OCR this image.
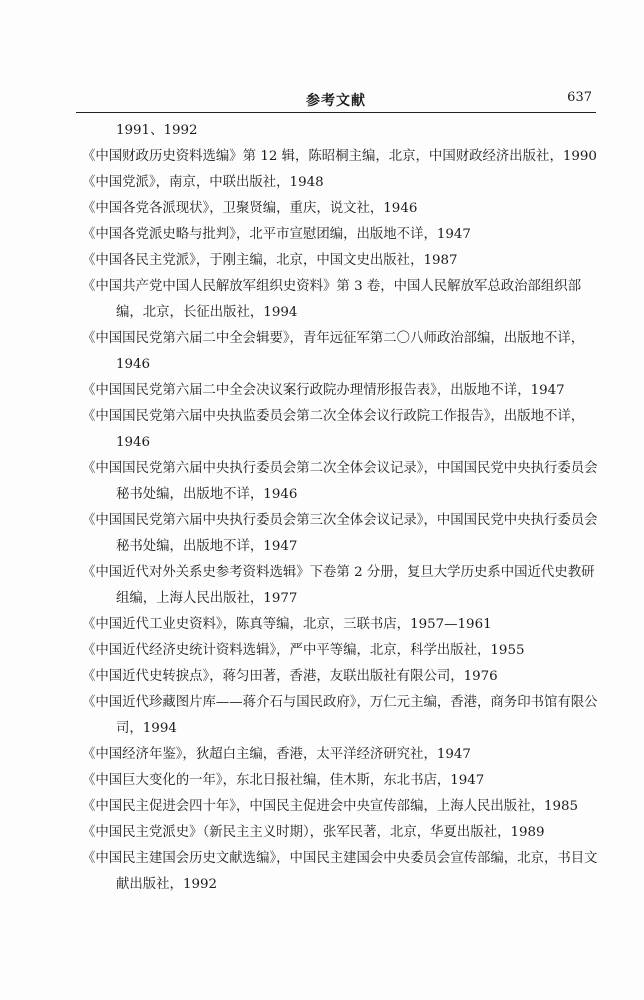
参考文献	637
1991、1992
《中国财政历史资料选编》第 12 辑，陈昭桐主编，北京，中国财政经济出版社，1990
《中国党派》，南京，中联出版社，1948
《中国各党各派现状》，卫聚贤编，重庆，说文社，1946
《中国各党派史略与批判》，北平市宣慰团编，出版地不详，1947
《中国各民主党派》，于刚主编，北京，中国文史出版社，1987
《中国共产党中国人民解放军组织史资料》第 3 卷，中国人民解放军总政治部组织部编，北京，长征出版社，1994
《中国国民党第六届二中全会辑要》，青年远征军第二〇八师政治部编，出版地不详，1946
《中国国民党第六届二中全会决议案行政院办理情形报告表》，出版地不详，1947
《中国国民党第六届中央执监委员会第二次全体会议行政院工作报告》，出版地不详，1946
《中国国民党第六届中央执行委员会第二次全体会议记录》，中国国民党中央执行委员会秘书处编，出版地不详，1946
《中国国民党第六届中央执行委员会第三次全体会议记录》，中国国民党中央执行委员会秘书处编，出版地不详，1947
《中国近代对外关系史参考资料选辑》下卷第 2 分册，复旦大学历史系中国近代史教研组编，上海人民出版社，1977
《中国近代工业史资料》，陈真等编，北京，三联书店，1957—1961
《中国近代经济史统计资料选辑》，严中平等编，北京，科学出版社，1955
《中国近代史转捩点》，蒋匀田著，香港，友联出版社有限公司，1976
《中国近代珍藏图片库——蒋介石与国民政府》，万仁元主编，香港，商务印书馆有限公司，1994
《中国经济年鉴》，狄超白主编，香港，太平洋经济研究社，1947
《中国巨大变化的一年》，东北日报社编，佳木斯，东北书店，1947
《中国民主促进会四十年》，中国民主促进会中央宣传部编，上海人民出版社，1985
《中国民主党派史》（新民主主义时期），张军民著，北京，华夏出版社，1989
《中国民主建国会历史文献选编》，中国民主建国会中央委员会宣传部编，北京，书目文献出版社，1992
